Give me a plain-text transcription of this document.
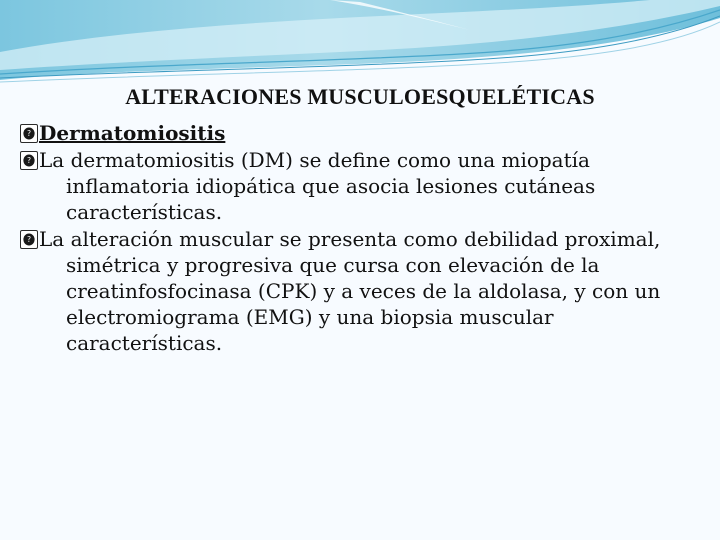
ALTERACIONES MUSCULOESQUELÉTICAS
?Dermatomiositis
?La dermatomiositis (DM) se define como una miopatía inflamatoria idiopática que asocia lesiones cutáneas características.
?La alteración muscular se presenta como debilidad proximal, simétrica y progresiva que cursa con elevación de la creatinfosfocinasa (CPK) y a veces de la aldolasa, y con un electromiograma (EMG) y una biopsia muscular características.
